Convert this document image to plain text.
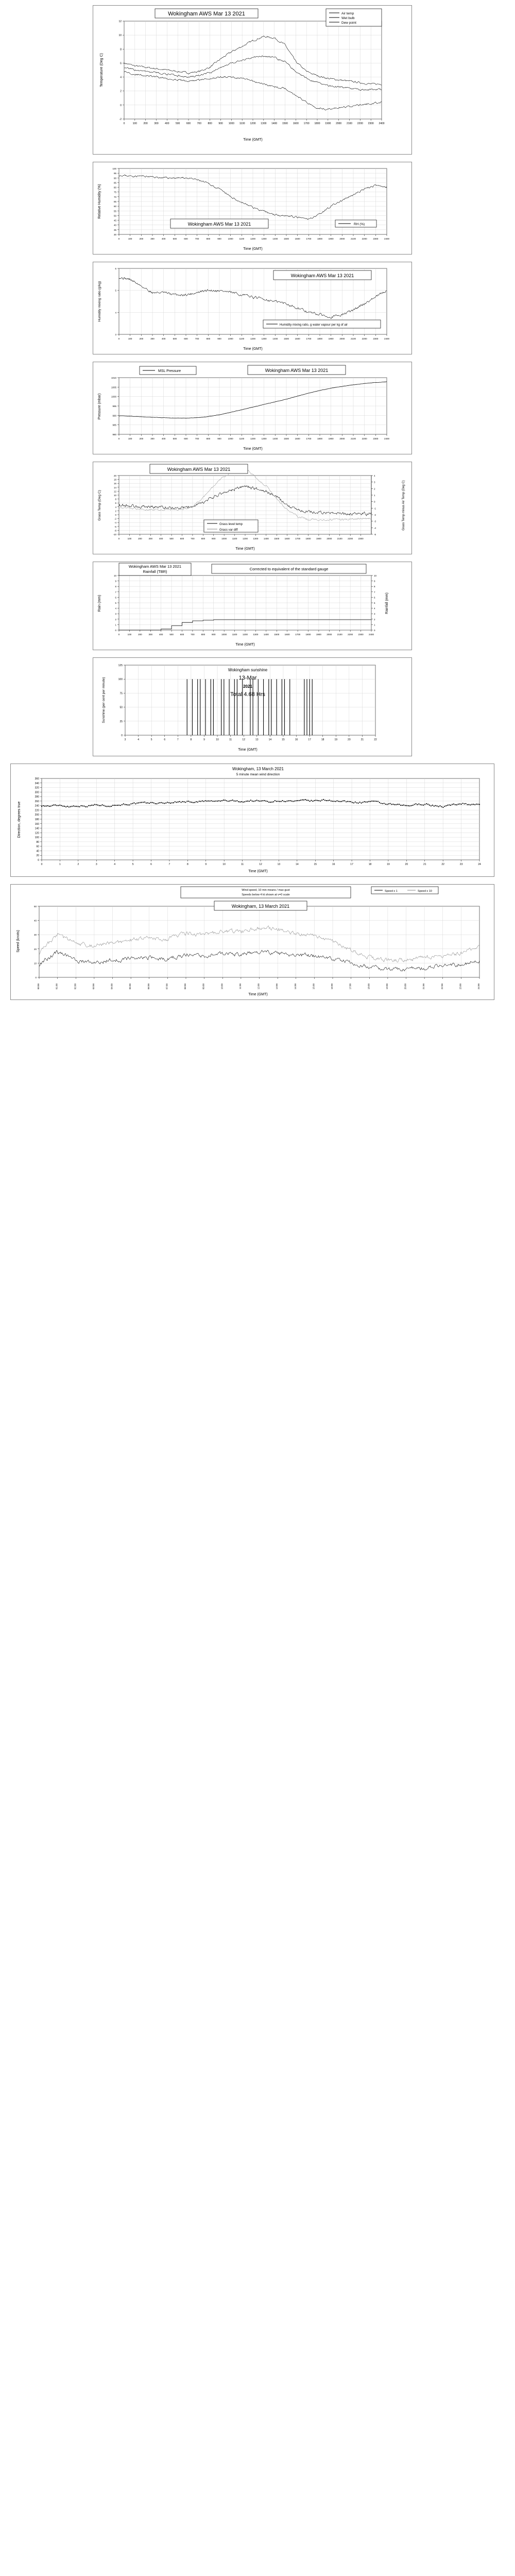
0	100 200 300 400 500 600 700 800 900 1000 1100 1200 1300 1400 1500 1600 1700 1800 1900 2000 2100 2200 2300 2400
-2
0
2
4
6
8
10
12
Wokingham AWS Mar 13 2021	Air temp
Wet bulb
Dew point
Temperature (Deg C)
Time (GMT)
0	100	200	300	400	500	600	700	800	900	1000	1100	1200	1300	1400	1500	1600	1700	1800	1900	2000	2100	2200	2300	2400
30
35
40
45
50
55
60
65
70
75
80
85
90
95
100
Wokingham AWS Mar 13 2021	RH (%)
Relative Humidity (%)
Time (GMT)
0	100	200	300	400	500	600	700	800	900	1000	1100	1200	1300	1400	1500	1600	1700	1800	1900	2000	2100	2200	2300	2400
3
4
5
6
Wokingham AWS Mar 13 2021
Humidity mixing ratio, g water vapour per kg of air
Humidity mixing ratio (g/kg)
Time (GMT)
0	100	200	300	400	500	600	700	800	900	1000	1100	1200	1300	1400	1500	1600	1700	1800	1900	2000	2100	2200	2300	2400
980
985
990
995
1000
1005
1010
MSL Pressure	Wokingham AWS Mar 13 2021
Pressure (mbar)
Time (GMT)
0	100	200	300	400	500	600	700	800	900	1000 1100 1200 1300 1400 1500 1600 1700 1800 1900 2000 2100 2200 2300
-10
-8
-6
-4
-2
0
2
4
6
8
10
12
14
16
18
20
-5
-4
-3
-2
-1
0
1
2
3
4
Wokingham AWS Mar 13 2021
Grass level temp
Grass var diff
Grass Temp (Deg C)	Grass Temp minus Air Temp (Deg C)
Time (GMT)
0	100	200	300	400	500	600	700	800	900	1000 1100 1200 1300 1400 1500 1600 1700 1800 1900 2000 2100 2200 2300 2400
0
1
2
3
4
5
6
7
8
9
10
0
1
2
3
4
5
6
7
8
9
10
Wokingham AWS Mar 13 2021
Rainfall (TBR)
Corrected to equivalent of the standard gauge
Rain (mm)	Rainfall (mm)
Time (GMT)
3	4	5	6	7	8	9	10	11	12	13	14	15	16	17	18	19	20	21	22
0
25
50
75
100
125
Wokingham sunshine
13-Mar
2021
Total 4.68 Hrs
Sunshine (per cent per minute)
Time (GMT)
0	1	2	3	4	5	6	7	8	9	10	11	12	13	14	15	16	17	18	19	20	21	22	23	24
0
20
40
60
80
100
120
140
160
180
200
220
240
260
280
300
320
340
360
Wokingham, 13 March 2021
5 minute mean wind direction
Direction, degrees true
Time (GMT)
00:00	01:00	02:00	03:00	04:00	05:00	06:00	07:00	08:00	09:00	10:00	11:00	12:00	13:00	14:00	15:00	16:00	17:00	18:00	19:00	20:00	21:00	22:00	23:00	24:00
0
10
20
30
40
50
Wind speed, 10 min means / max gust
Speeds below 4 kt shown at v=0 scale
Speed x 1	Speed x 10
Wokingham, 13 March 2021
Speed (knots)
Time (GMT)
